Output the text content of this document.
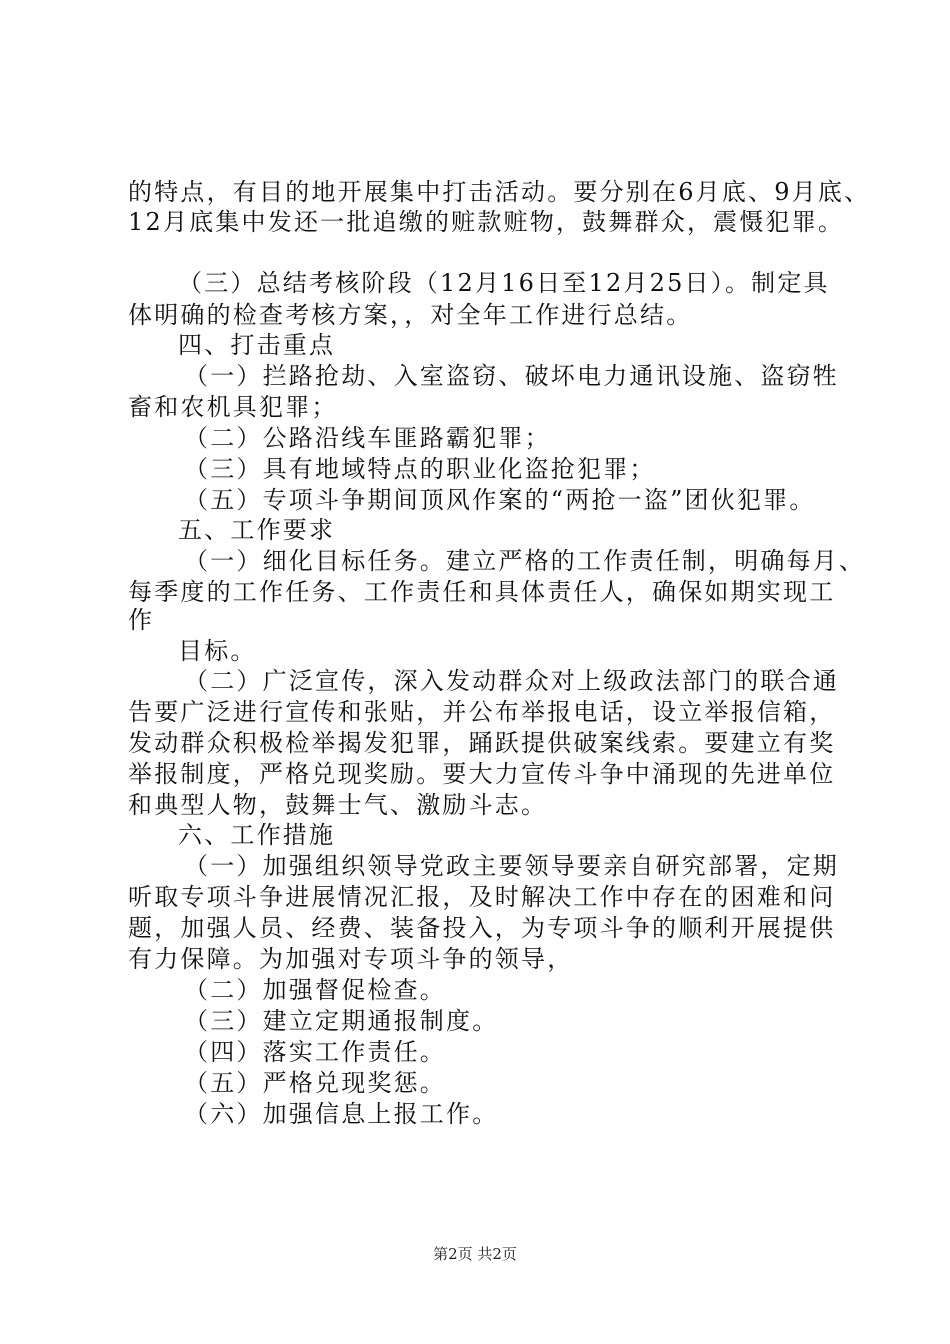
的特点，有目的地开展集中打击活动。要分别在6月底、9月底、
12月底集中发还一批追缴的赃款赃物，鼓舞群众，震慑犯罪。
（三）总结考核阶段（12月16日至12月25日）。制定具
体明确的检查考核方案，，对全年工作进行总结。
四、打击重点
（一）拦路抢劫、入室盗窃、破坏电力通讯设施、盗窃牲
畜和农机具犯罪；
（二）公路沿线车匪路霸犯罪；
（三）具有地域特点的职业化盗抢犯罪；
（五）专项斗争期间顶风作案的“两抢一盗”团伙犯罪。
五、工作要求
（一）细化目标任务。建立严格的工作责任制，明确每月、
每季度的工作任务、工作责任和具体责任人，确保如期实现工
作
目标。
（二）广泛宣传，深入发动群众对上级政法部门的联合通
告要广泛进行宣传和张贴，并公布举报电话，设立举报信箱，
发动群众积极检举揭发犯罪，踊跃提供破案线索。要建立有奖
举报制度，严格兑现奖励。要大力宣传斗争中涌现的先进单位
和典型人物，鼓舞士气、激励斗志。
六、工作措施
（一）加强组织领导党政主要领导要亲自研究部署，定期
听取专项斗争进展情况汇报，及时解决工作中存在的困难和问
题，加强人员、经费、装备投入，为专项斗争的顺利开展提供
有力保障。为加强对专项斗争的领导，
（二）加强督促检查。
（三）建立定期通报制度。
（四）落实工作责任。
（五）严格兑现奖惩。
（六）加强信息上报工作。
第2页 共2页
